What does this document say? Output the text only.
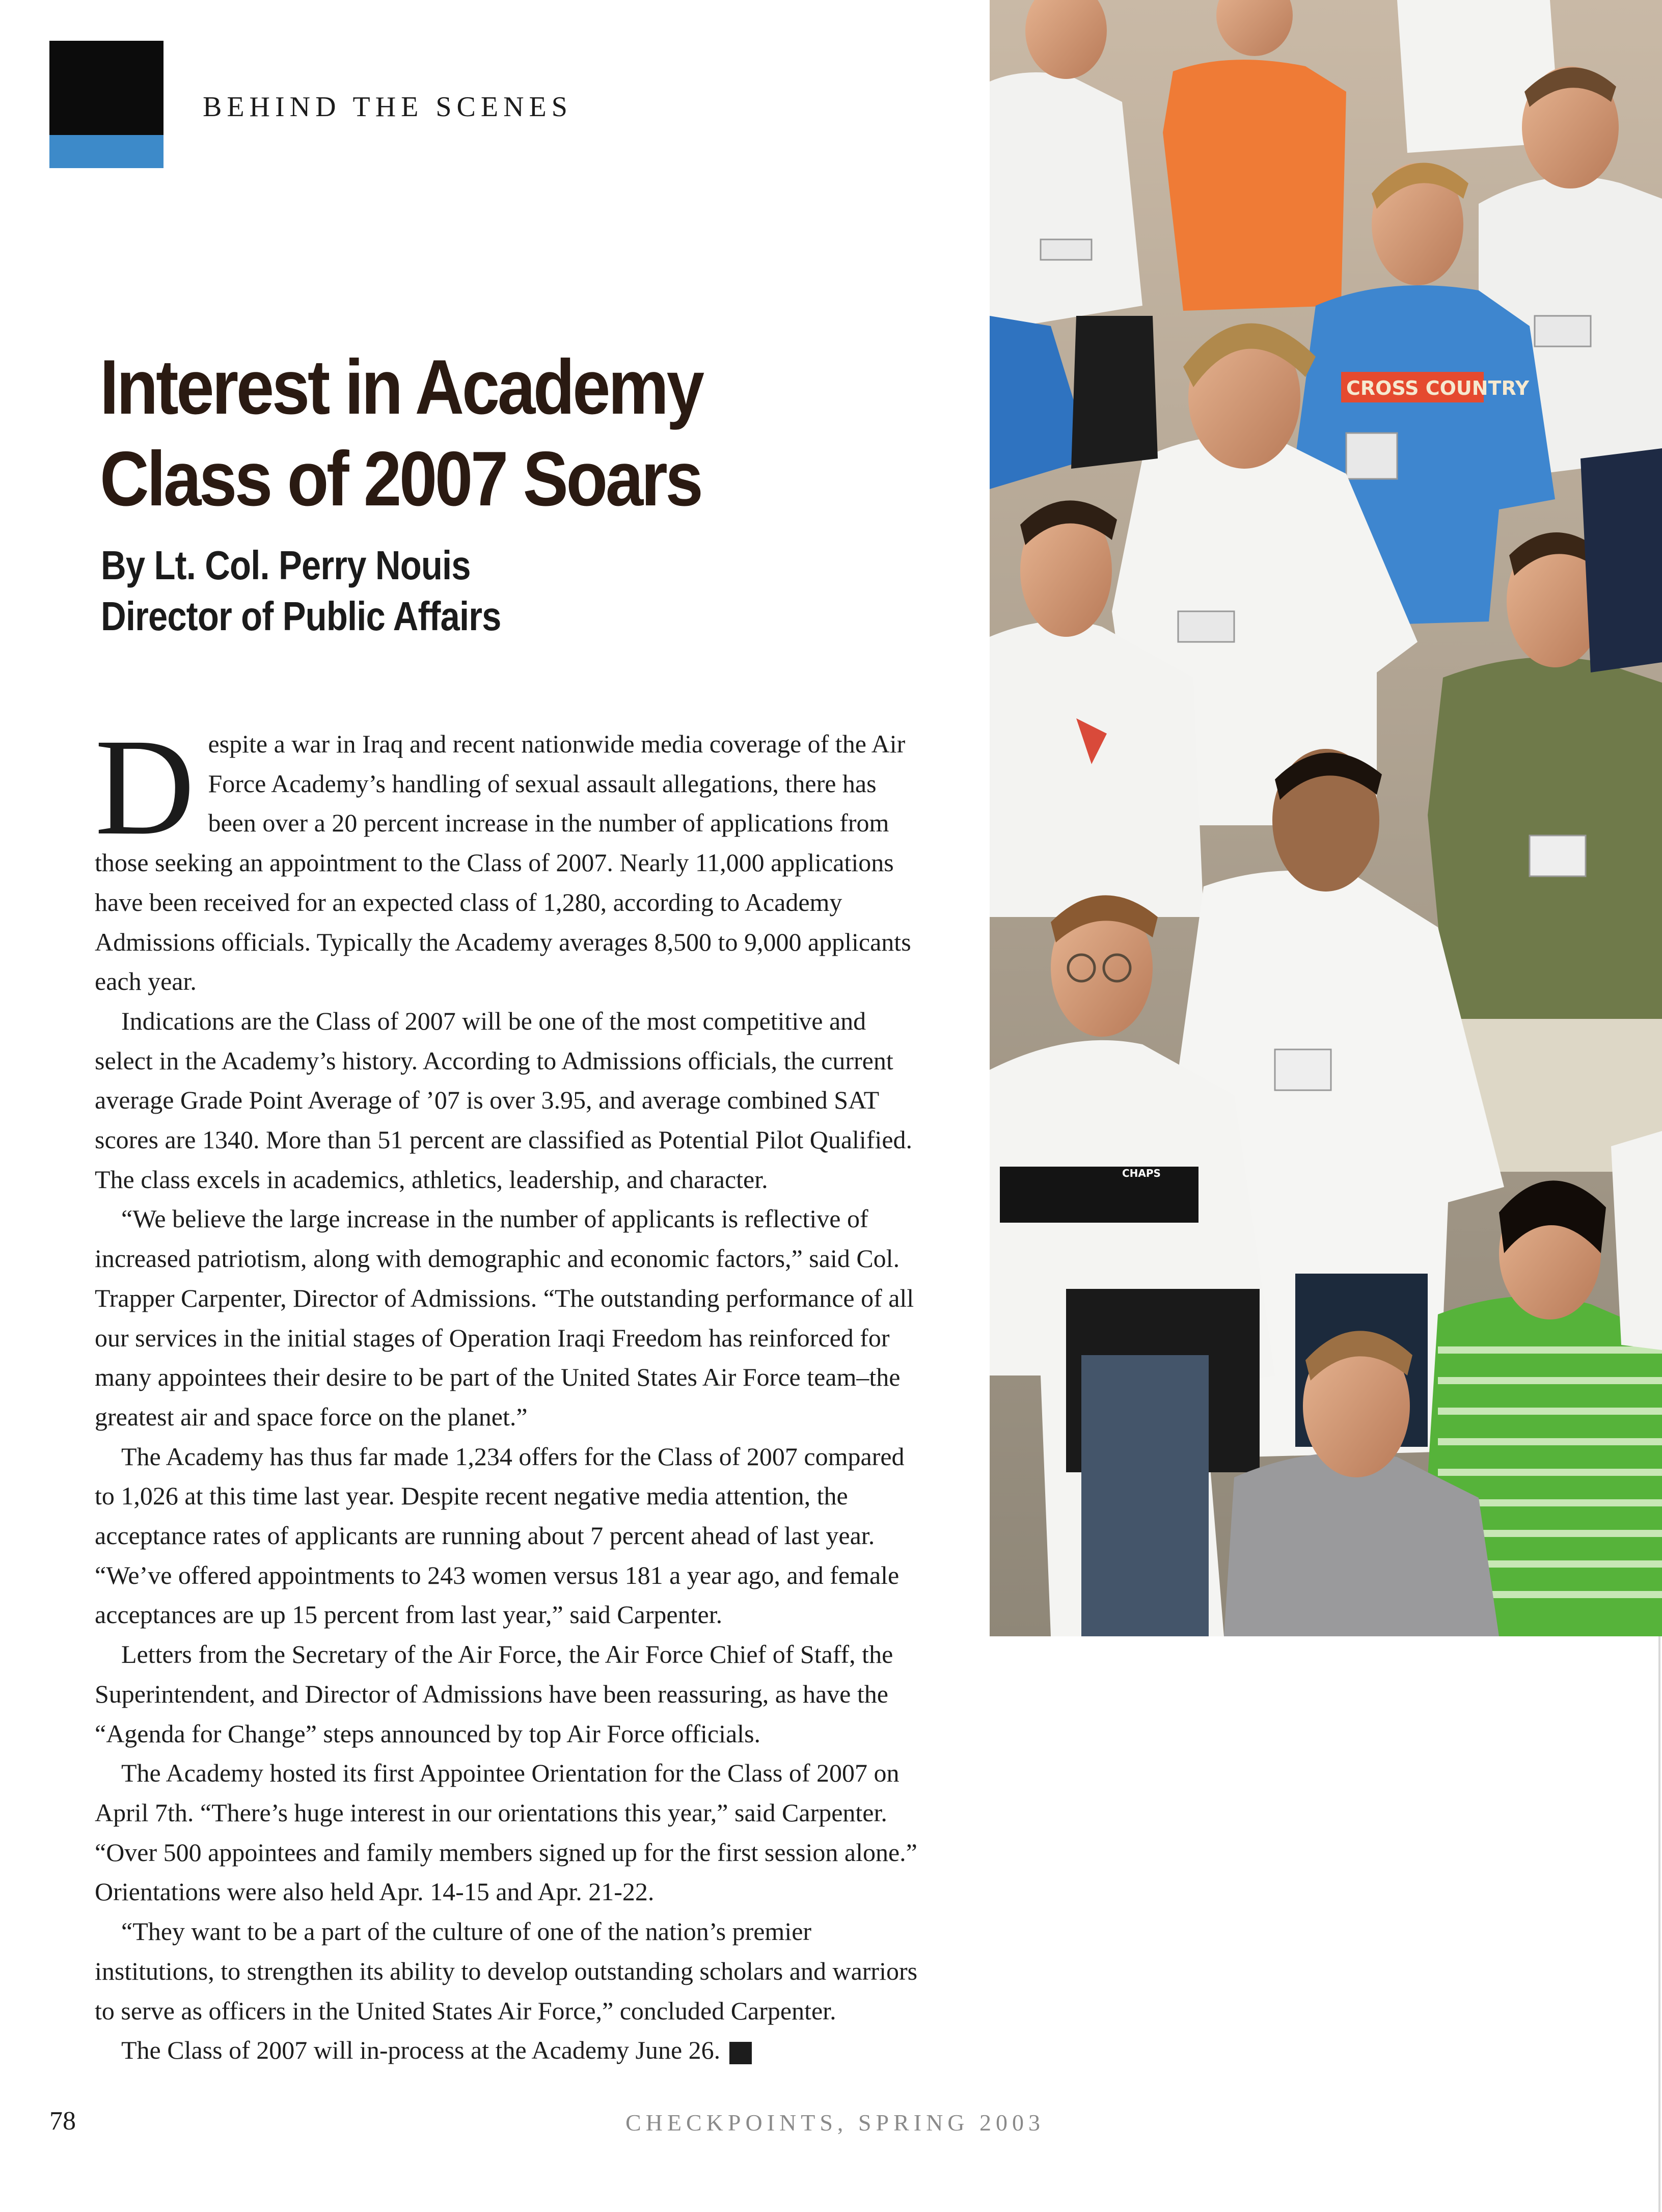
BEHIND THE SCENES
Interest in Academy
Class of 2007 Soars
By Lt. Col. Perry Nouis
Director of Public Affairs

Despite a war in Iraq and recent nationwide media coverage of the Air Force Academy’s handling of sexual assault allegations, there has been over a 20 percent increase in the number of applications from those seeking an appointment to the Class of 2007. Nearly 11,000 applications have been received for an expected class of 1,280, according to Academy Admissions officials. Typically the Academy averages 8,500 to 9,000 applicants each year.

Indications are the Class of 2007 will be one of the most competitive and select in the Academy’s history. According to Admissions officials, the current average Grade Point Average of ’07 is over 3.95, and average combined SAT scores are 1340. More than 51 percent are classified as Potential Pilot Qualified. The class excels in academics, athletics, leadership, and character.

“We believe the large increase in the number of applicants is reflective of increased patriotism, along with demographic and economic factors,” said Col. Trapper Carpenter, Director of Admissions. “The outstanding performance of all our services in the initial stages of Operation Iraqi Freedom has reinforced for many appointees their desire to be part of the United States Air Force team–the greatest air and space force on the planet.”

The Academy has thus far made 1,234 offers for the Class of 2007 compared to 1,026 at this time last year. Despite recent negative media attention, the acceptance rates of applicants are running about 7 percent ahead of last year. “We’ve offered appointments to 243 women versus 181 a year ago, and female acceptances are up 15 percent from last year,” said Carpenter.

Letters from the Secretary of the Air Force, the Air Force Chief of Staff, the Superintendent, and Director of Admissions have been reassuring, as have the “Agenda for Change” steps announced by top Air Force officials.

The Academy hosted its first Appointee Orientation for the Class of 2007 on April 7th. “There’s huge interest in our orientations this year,” said Carpenter. “Over 500 appointees and family members signed up for the first session alone.” Orientations were also held Apr. 14-15 and Apr. 21-22.

“They want to be a part of the culture of one of the nation’s premier institutions, to strengthen its ability to develop outstanding scholars and warriors to serve as officers in the United States Air Force,” concluded Carpenter.

The Class of 2007 will in-process at the Academy June 26. ✓

CROSS COUNTRY
CHAPS
78	CHECKPOINTS, SPRING 2003
